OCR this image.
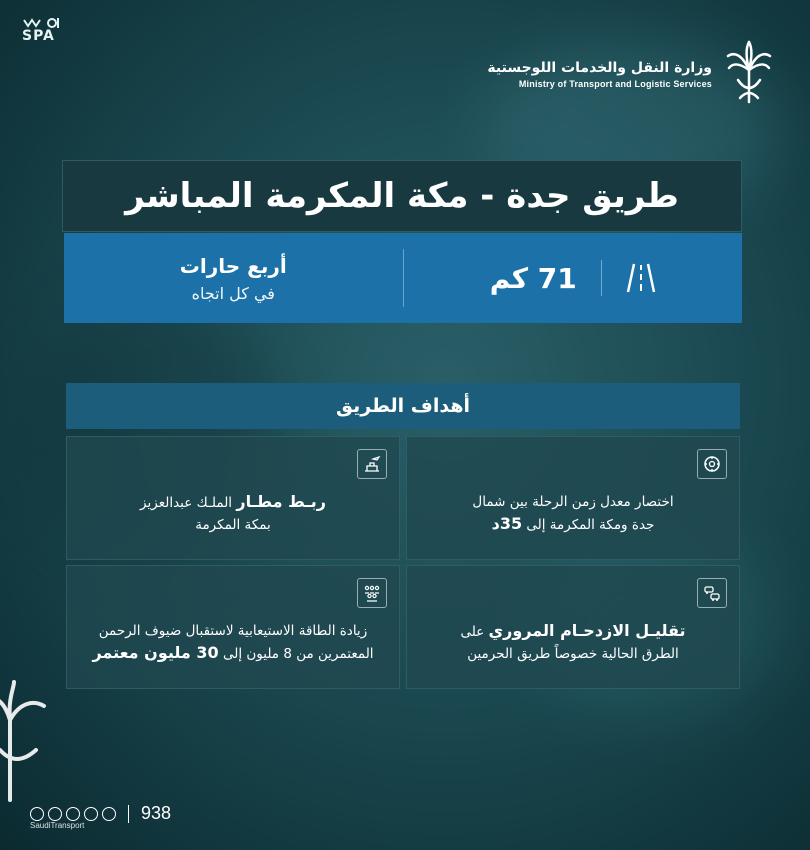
SPA
وزارة النقل والخدمات اللوجستية
Ministry of Transport and Logistic Services
طريق جدة - مكة المكرمة المباشر
71 كم
أربع حارات
في كل اتجاه
أهداف الطريق
اختصار معدل زمن الرحلة بين شمال
جدة ومكة المكرمة إلى 35د
ربـط مطـار الملـك عبدالعزيز
بمكة المكرمة
تقليـل الازدحـام المروري على
الطرق الحالية خصوصاً طريق الحرمين
زيادة الطاقة الاستيعابية لاستقبال ضيوف الرحمن
المعتمرين من 8 مليون إلى 30 مليون معتمر
SaudiTransport
938
